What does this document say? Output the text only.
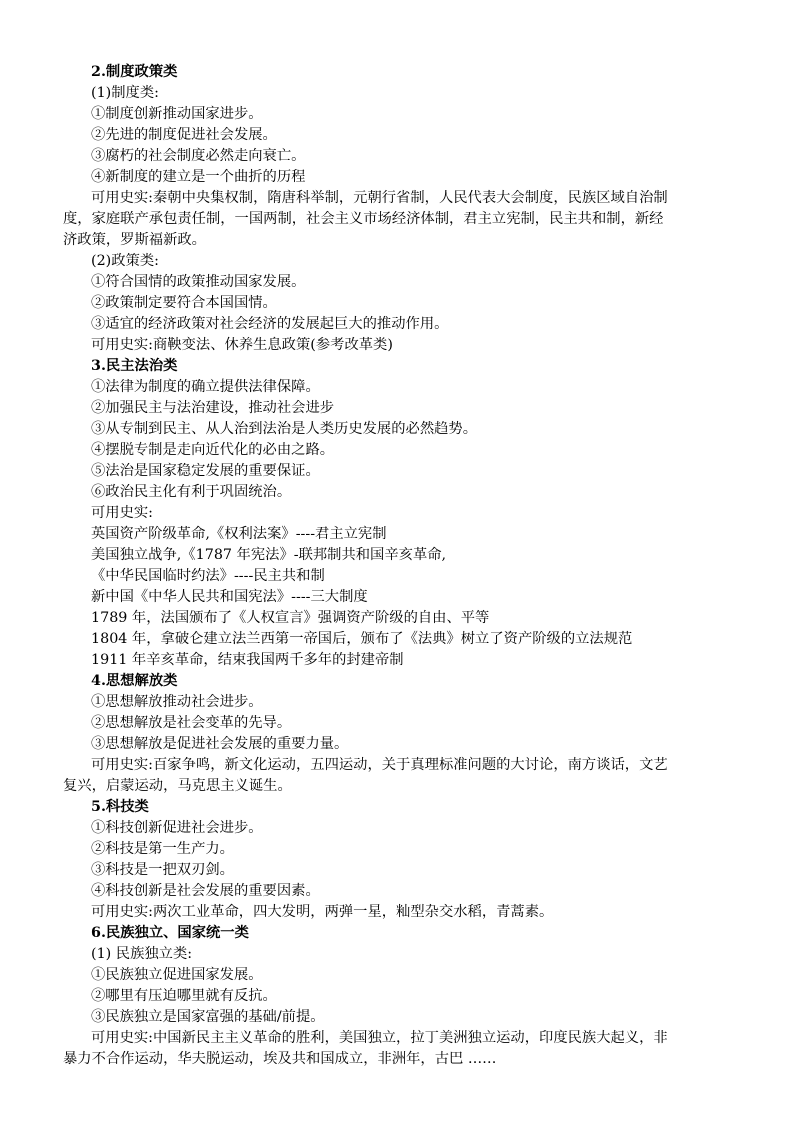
2.制度政策类
(1)制度类:
①制度创新推动国家进步。
②先进的制度促进社会发展。
③腐朽的社会制度必然走向衰亡。
④新制度的建立是一个曲折的历程
可用史实:秦朝中央集权制，隋唐科举制，元朝行省制，人民代表大会制度，民族区域自治制
度，家庭联产承包责任制，一国两制，社会主义市场经济体制，君主立宪制，民主共和制，新经
济政策，罗斯福新政。
(2)政策类:
①符合国情的政策推动国家发展。
②政策制定要符合本国国情。
③适宜的经济政策对社会经济的发展起巨大的推动作用。
可用史实:商鞅变法、休养生息政策(参考改革类)
3.民主法治类
①法律为制度的确立提供法律保障。
②加强民主与法治建设，推动社会进步
③从专制到民主、从人治到法治是人类历史发展的必然趋势。
④摆脱专制是走向近代化的必由之路。
⑤法治是国家稳定发展的重要保证。
⑥政治民主化有利于巩固统治。
可用史实:
英国资产阶级革命,《权利法案》----君主立宪制
美国独立战争,《1787 年宪法》-联邦制共和国辛亥革命,
《中华民国临时约法》----民主共和制
新中国《中华人民共和国宪法》----三大制度
1789 年，法国颁布了《人权宣言》强调资产阶级的自由、平等
1804 年，拿破仑建立法兰西第一帝国后，颁布了《法典》树立了资产阶级的立法规范
1911 年辛亥革命，结束我国两千多年的封建帝制
4.思想解放类
①思想解放推动社会进步。
②思想解放是社会变革的先导。
③思想解放是促进社会发展的重要力量。
可用史实:百家争鸣，新文化运动，五四运动，关于真理标准问题的大讨论，南方谈话，文艺
复兴，启蒙运动，马克思主义诞生。
5.科技类
①科技创新促进社会进步。
②科技是第一生产力。
③科技是一把双刃剑。
④科技创新是社会发展的重要因素。
可用史实:两次工业革命，四大发明，两弹一星，籼型杂交水稻，青蒿素。
6.民族独立、国家统一类
(1) 民族独立类:
①民族独立促进国家发展。
②哪里有压迫哪里就有反抗。
③民族独立是国家富强的基础/前提。
可用史实:中国新民主主义革命的胜利，美国独立，拉丁美洲独立运动，印度民族大起义，非
暴力不合作运动，华夫脱运动，埃及共和国成立，非洲年，古巴 ……
